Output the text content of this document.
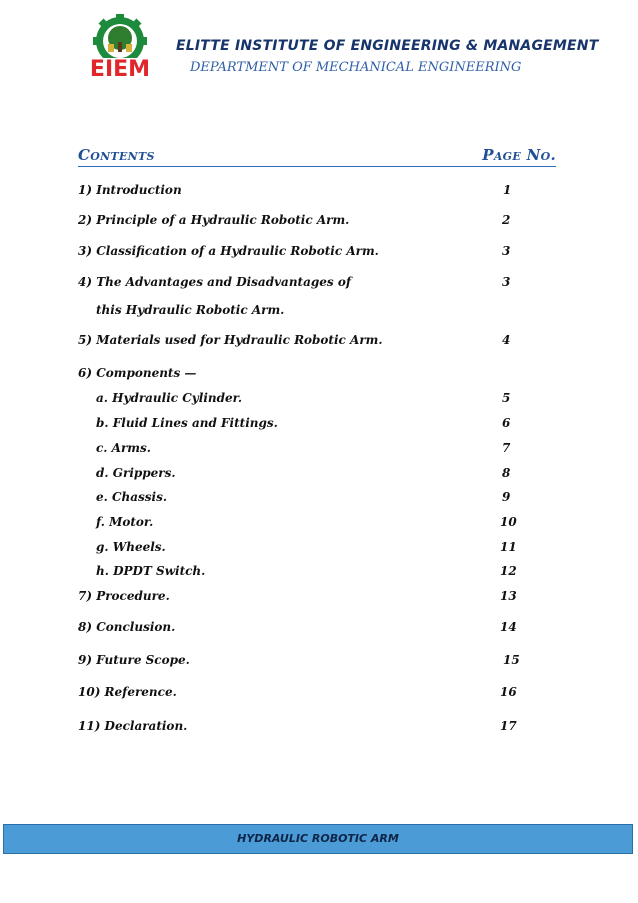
EIEM
ELITTE INSTITUTE OF ENGINEERING & MANAGEMENT
DEPARTMENT OF MECHANICAL ENGINEERING
Contents	Page No.
1) Introduction	1
2) Principle of a Hydraulic Robotic Arm.	2
3) Classification of a Hydraulic Robotic Arm.	3
4) The Advantages and Disadvantages of	3
this Hydraulic Robotic Arm.
5) Materials used for Hydraulic Robotic Arm.	4
6) Components —
a. Hydraulic Cylinder.	5
b. Fluid Lines and Fittings.	6
c. Arms.	7
d. Grippers.	8
e. Chassis.	9
f. Motor.	10
g. Wheels.	11
h. DPDT Switch.	12
7) Procedure.	13
8) Conclusion.	14
9) Future Scope.	15
10) Reference.	16
11) Declaration.	17
HYDRAULIC ROBOTIC ARM
